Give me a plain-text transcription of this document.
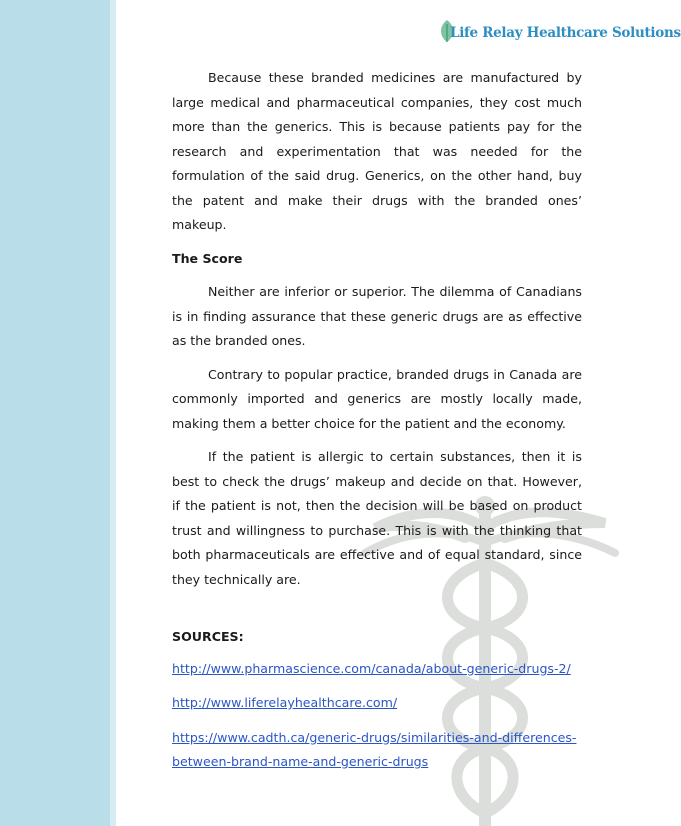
Life Relay Healthcare Solutions

Because these branded medicines are manufactured by large medical and pharmaceutical companies, they cost much more than the generics. This is because patients pay for the research and experimentation that was needed for the formulation of the said drug. Generics, on the other hand, buy the patent and make their drugs with the branded ones’ makeup.

The Score

Neither are inferior or superior. The dilemma of Canadians is in finding assurance that these generic drugs are as effective as the branded ones.

Contrary to popular practice, branded drugs in Canada are commonly imported and generics are mostly locally made, making them a better choice for the patient and the economy.

If the patient is allergic to certain substances, then it is best to check the drugs’ makeup and decide on that. However, if the patient is not, then the decision will be based on product trust and willingness to purchase. This is with the thinking that both pharmaceuticals are effective and of equal standard, since they technically are.

SOURCES:
http://www.pharmascience.com/canada/about-generic-drugs-2/
http://www.liferelayhealthcare.com/
https://www.cadth.ca/generic-drugs/similarities-and-differences-between-brand-name-and-generic-drugs
